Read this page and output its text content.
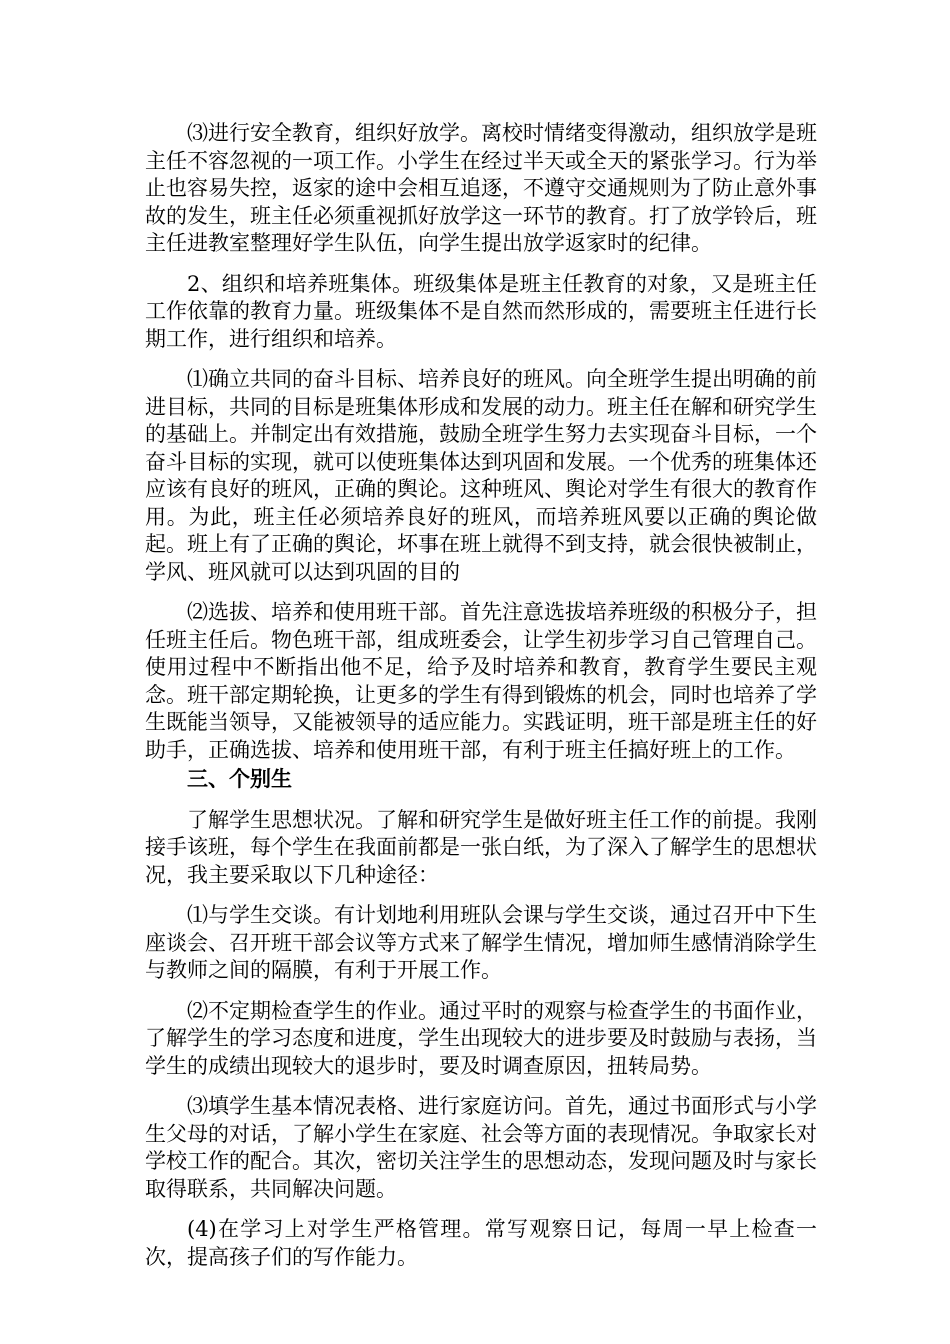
⑶进行安全教育，组织好放学。离校时情绪变得激动，组织放学是班主任不容忽视的一项工作。小学生在经过半天或全天的紧张学习。行为举止也容易失控，返家的途中会相互追逐，不遵守交通规则为了防止意外事故的发生，班主任必须重视抓好放学这一环节的教育。打了放学铃后，班主任进教室整理好学生队伍，向学生提出放学返家时的纪律。

2、组织和培养班集体。班级集体是班主任教育的对象，又是班主任工作依靠的教育力量。班级集体不是自然而然形成的，需要班主任进行长期工作，进行组织和培养。

⑴确立共同的奋斗目标、培养良好的班风。向全班学生提出明确的前进目标，共同的目标是班集体形成和发展的动力。班主任在解和研究学生的基础上。并制定出有效措施，鼓励全班学生努力去实现奋斗目标，一个奋斗目标的实现，就可以使班集体达到巩固和发展。一个优秀的班集体还应该有良好的班风，正确的舆论。这种班风、舆论对学生有很大的教育作用。为此，班主任必须培养良好的班风，而培养班风要以正确的舆论做起。班上有了正确的舆论，坏事在班上就得不到支持，就会很快被制止，学风、班风就可以达到巩固的目的

⑵选拔、培养和使用班干部。首先注意选拔培养班级的积极分子，担任班主任后。物色班干部，组成班委会，让学生初步学习自己管理自己。使用过程中不断指出他不足，给予及时培养和教育，教育学生要民主观念。班干部定期轮换，让更多的学生有得到锻炼的机会，同时也培养了学生既能当领导，又能被领导的适应能力。实践证明，班干部是班主任的好助手，正确选拔、培养和使用班干部，有利于班主任搞好班上的工作。

三、个别生

了解学生思想状况。了解和研究学生是做好班主任工作的前提。我刚接手该班，每个学生在我面前都是一张白纸，为了深入了解学生的思想状况，我主要采取以下几种途径：

⑴与学生交谈。有计划地利用班队会课与学生交谈，通过召开中下生座谈会、召开班干部会议等方式来了解学生情况，增加师生感情消除学生与教师之间的隔膜，有利于开展工作。

⑵不定期检查学生的作业。通过平时的观察与检查学生的书面作业，了解学生的学习态度和进度，学生出现较大的进步要及时鼓励与表扬，当学生的成绩出现较大的退步时，要及时调查原因，扭转局势。

⑶填学生基本情况表格、进行家庭访问。首先，通过书面形式与小学生父母的对话，了解小学生在家庭、社会等方面的表现情况。争取家长对学校工作的配合。其次，密切关注学生的思想动态，发现问题及时与家长取得联系，共同解决问题。

(4)在学习上对学生严格管理。常写观察日记，每周一早上检查一次，提高孩子们的写作能力。
